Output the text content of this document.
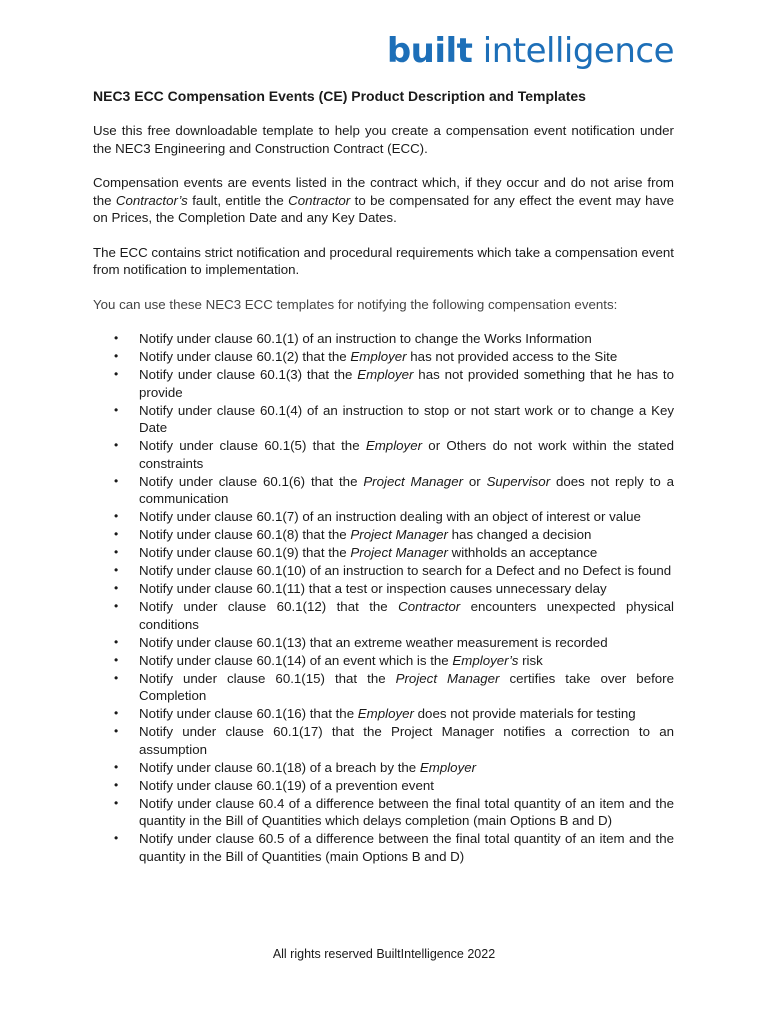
built intelligence
NEC3 ECC Compensation Events (CE) Product Description and Templates

Use this free downloadable template to help you create a compensation event notification under the NEC3 Engineering and Construction Contract (ECC).

Compensation events are events listed in the contract which, if they occur and do not arise from the Contractor’s fault, entitle the Contractor to be compensated for any effect the event may have on Prices, the Completion Date and any Key Dates.

The ECC contains strict notification and procedural requirements which take a compensation event from notification to implementation.

You can use these NEC3 ECC templates for notifying the following compensation events:

• Notify under clause 60.1(1) of an instruction to change the Works Information
• Notify under clause 60.1(2) that the Employer has not provided access to the Site
• Notify under clause 60.1(3) that the Employer has not provided something that he has to provide
• Notify under clause 60.1(4) of an instruction to stop or not start work or to change a Key Date
• Notify under clause 60.1(5) that the Employer or Others do not work within the stated constraints
• Notify under clause 60.1(6) that the Project Manager or Supervisor does not reply to a communication
• Notify under clause 60.1(7) of an instruction dealing with an object of interest or value
• Notify under clause 60.1(8) that the Project Manager has changed a decision
• Notify under clause 60.1(9) that the Project Manager withholds an acceptance
• Notify under clause 60.1(10) of an instruction to search for a Defect and no Defect is found
• Notify under clause 60.1(11) that a test or inspection causes unnecessary delay
• Notify under clause 60.1(12) that the Contractor encounters unexpected physical conditions
• Notify under clause 60.1(13) that an extreme weather measurement is recorded
• Notify under clause 60.1(14) of an event which is the Employer’s risk
• Notify under clause 60.1(15) that the Project Manager certifies take over before Completion
• Notify under clause 60.1(16) that the Employer does not provide materials for testing
• Notify under clause 60.1(17) that the Project Manager notifies a correction to an assumption
• Notify under clause 60.1(18) of a breach by the Employer
• Notify under clause 60.1(19) of a prevention event
• Notify under clause 60.4 of a difference between the final total quantity of an item and the quantity in the Bill of Quantities which delays completion (main Options B and D)
• Notify under clause 60.5 of a difference between the final total quantity of an item and the quantity in the Bill of Quantities (main Options B and D)
All rights reserved BuiltIntelligence 2022
